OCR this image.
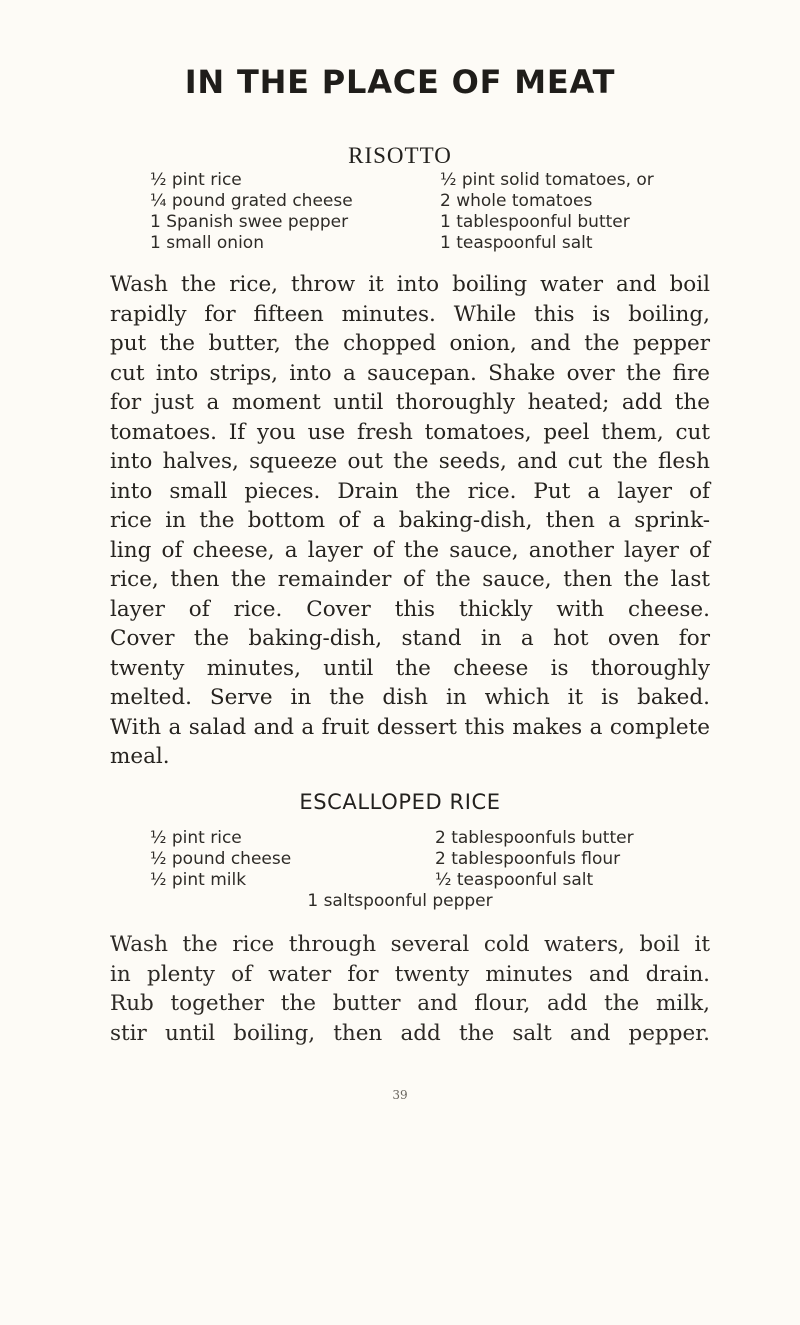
IN THE PLACE OF MEAT
RISOTTO
½ pint rice
¼ pound grated cheese
1 Spanish swee pepper
1 small onion
½ pint solid tomatoes, or
2 whole tomatoes
1 tablespoonful butter
1 teaspoonful salt
Wash the rice, throw it into boiling water and boil
rapidly for fifteen minutes. While this is boiling,
put the butter, the chopped onion, and the pepper
cut into strips, into a saucepan. Shake over the fire
for just a moment until thoroughly heated; add the
tomatoes. If you use fresh tomatoes, peel them, cut
into halves, squeeze out the seeds, and cut the flesh
into small pieces. Drain the rice. Put a layer of
rice in the bottom of a baking-dish, then a sprink-
ling of cheese, a layer of the sauce, another layer of
rice, then the remainder of the sauce, then the last
layer of rice. Cover this thickly with cheese.
Cover the baking-dish, stand in a hot oven for
twenty minutes, until the cheese is thoroughly
melted. Serve in the dish in which it is baked.
With a salad and a fruit dessert this makes a complete
meal.
ESCALLOPED RICE
½ pint rice
½ pound cheese
½ pint milk
2 tablespoonfuls butter
2 tablespoonfuls flour
½ teaspoonful salt
1 saltspoonful pepper
Wash the rice through several cold waters, boil it
in plenty of water for twenty minutes and drain.
Rub together the butter and flour, add the milk,
stir until boiling, then add the salt and pepper.
39
